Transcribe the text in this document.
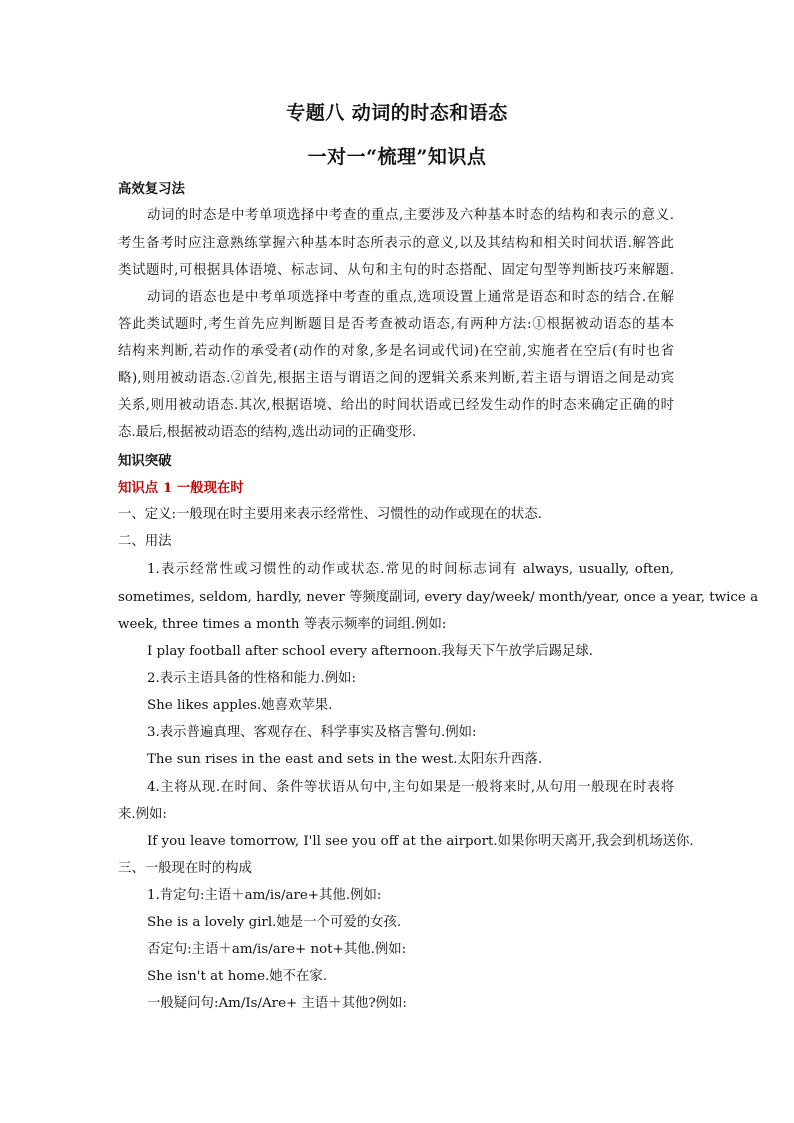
专题八 动词的时态和语态
一对一“梳理”知识点
高效复习法
动词的时态是中考单项选择中考查的重点,主要涉及六种基本时态的结构和表示的意义.
考生备考时应注意熟练掌握六种基本时态所表示的意义,以及其结构和相关时间状语.解答此
类试题时,可根据具体语境、标志词、从句和主句的时态搭配、固定句型等判断技巧来解题.
动词的语态也是中考单项选择中考查的重点,选项设置上通常是语态和时态的结合.在解
答此类试题时,考生首先应判断题目是否考查被动语态,有两种方法:①根据被动语态的基本
结构来判断,若动作的承受者(动作的对象,多是名词或代词)在空前,实施者在空后(有时也省
略),则用被动语态.②首先,根据主语与谓语之间的逻辑关系来判断,若主语与谓语之间是动宾
关系,则用被动语态.其次,根据语境、给出的时间状语或已经发生动作的时态来确定正确的时
态.最后,根据被动语态的结构,选出动词的正确变形.
知识突破
知识点 1 一般现在时
一、定义:一般现在时主要用来表示经常性、习惯性的动作或现在的状态.
二、用法
1.表示经常性或习惯性的动作或状态.常见的时间标志词有 always, usually, often,
sometimes, seldom, hardly, never 等频度副词, every day/week/ month/year, once a year, twice a
week, three times a month 等表示频率的词组.例如:
I play football after school every afternoon.我每天下午放学后踢足球.
2.表示主语具备的性格和能力.例如:
She likes apples.她喜欢苹果.
3.表示普遍真理、客观存在、科学事实及格言警句.例如:
The sun rises in the east and sets in the west.太阳东升西落.
4.主将从现.在时间、条件等状语从句中,主句如果是一般将来时,从句用一般现在时表将
来.例如:
If you leave tomorrow, I'll see you off at the airport.如果你明天离开,我会到机场送你.
三、一般现在时的构成
1.肯定句:主语＋am/is/are+其他.例如:
She is a lovely girl.她是一个可爱的女孩.
否定句:主语＋am/is/are+ not+其他.例如:
She isn't at home.她不在家.
一般疑问句:Am/Is/Are+ 主语＋其他?例如:
